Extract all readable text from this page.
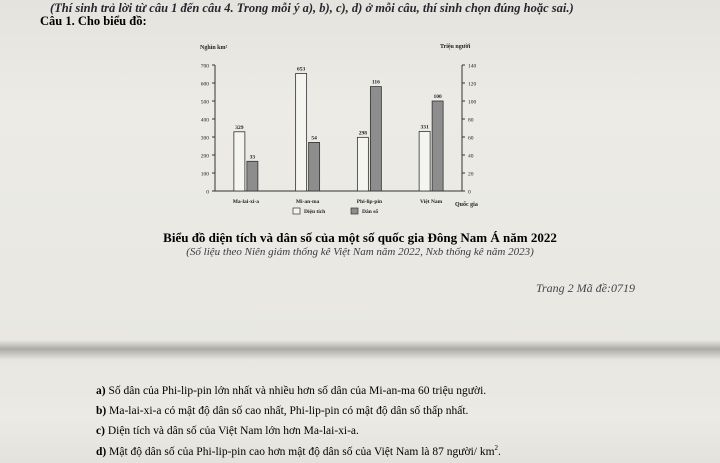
(Thí sinh trả lời từ câu 1 đến câu 4. Trong mỗi ý a), b), c), d) ở mỗi câu, thí sinh chọn đúng hoặc sai.)
Câu 1. Cho biểu đồ:
0
100
200
300
400
500
600
700
0
20
40
60
80
100
120
140
Nghìn km²	Triệu người
Quốc gia
Ma-lai-xi-a
329
33
Mi-an-ma
653
54
Phi-lip-pin
298
116
Việt Nam
331
100
Diện tích	Dân số
Biểu đồ diện tích và dân số của một số quốc gia Đông Nam Á năm 2022
(Số liệu theo Niên giám thống kê Việt Nam năm 2022, Nxb thống kê năm 2023)
Trang 2 Mã đề:0719
a) Số dân của Phi-lip-pin lớn nhất và nhiều hơn số dân của Mi-an-ma 60 triệu người.
b) Ma-lai-xi-a có mật độ dân số cao nhất, Phi-lip-pin có mật độ dân số thấp nhất.
c) Diện tích và dân số của Việt Nam lớn hơn Ma-lai-xi-a.
d) Mật độ dân số của Phi-lip-pin cao hơn mật độ dân số của Việt Nam là 87 người/ $km^2$.
